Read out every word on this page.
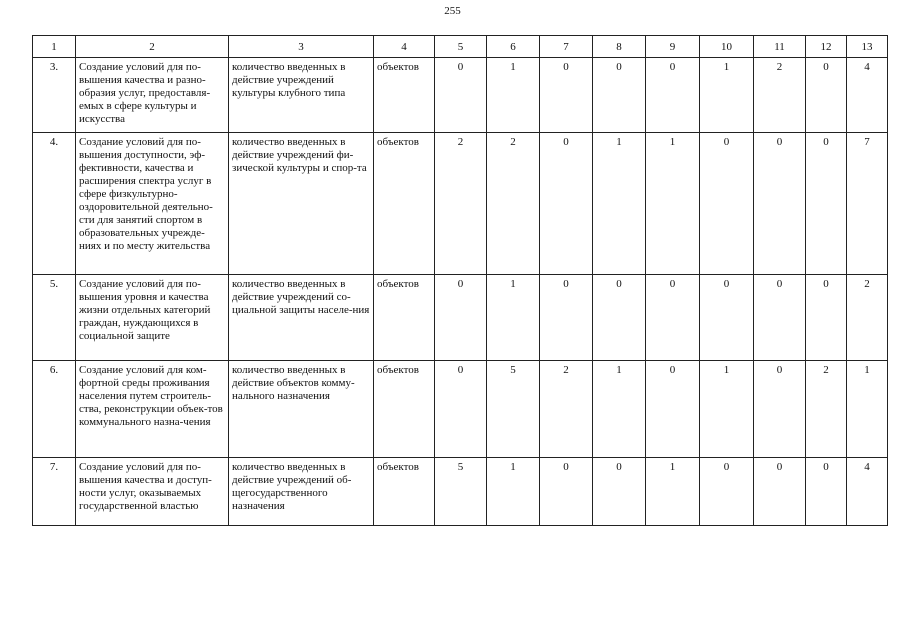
255
1	2	3	4	5	6	7	8	9	10	11	12	13
3.	Создание условий для по-вышения качества и разно-образия услуг, предоставля-емых в сфере культуры и искусства	количество введенных в действие учреждений культуры клубного типа	объектов	0	1	0	0	0	1	2	0	4
4.	Создание условий для по-вышения доступности, эф-фективности, качества и расширения спектра услуг в сфере физкультурно-оздоровительной деятельно-сти для занятий спортом в образовательных учрежде-ниях и по месту жительства	количество введенных в действие учреждений фи-зической культуры и спор-та	объектов	2	2	0	1	1	0	0	0	7
5.	Создание условий для по-вышения уровня и качества жизни отдельных категорий граждан, нуждающихся в социальной защите	количество введенных в действие учреждений со-циальной защиты населе-ния	объектов	0	1	0	0	0	0	0	0	2
6.	Создание условий для ком-фортной среды проживания населения путем строитель-ства, реконструкции объек-тов коммунального назна-чения	количество введенных в действие объектов комму-нального назначения	объектов	0	5	2	1	0	1	0	2	1
7.	Создание условий для по-вышения качества и доступ-ности услуг, оказываемых государственной властью	количество введенных в действие учреждений об-щегосударственного назначения	объектов	5	1	0	0	1	0	0	0	4
